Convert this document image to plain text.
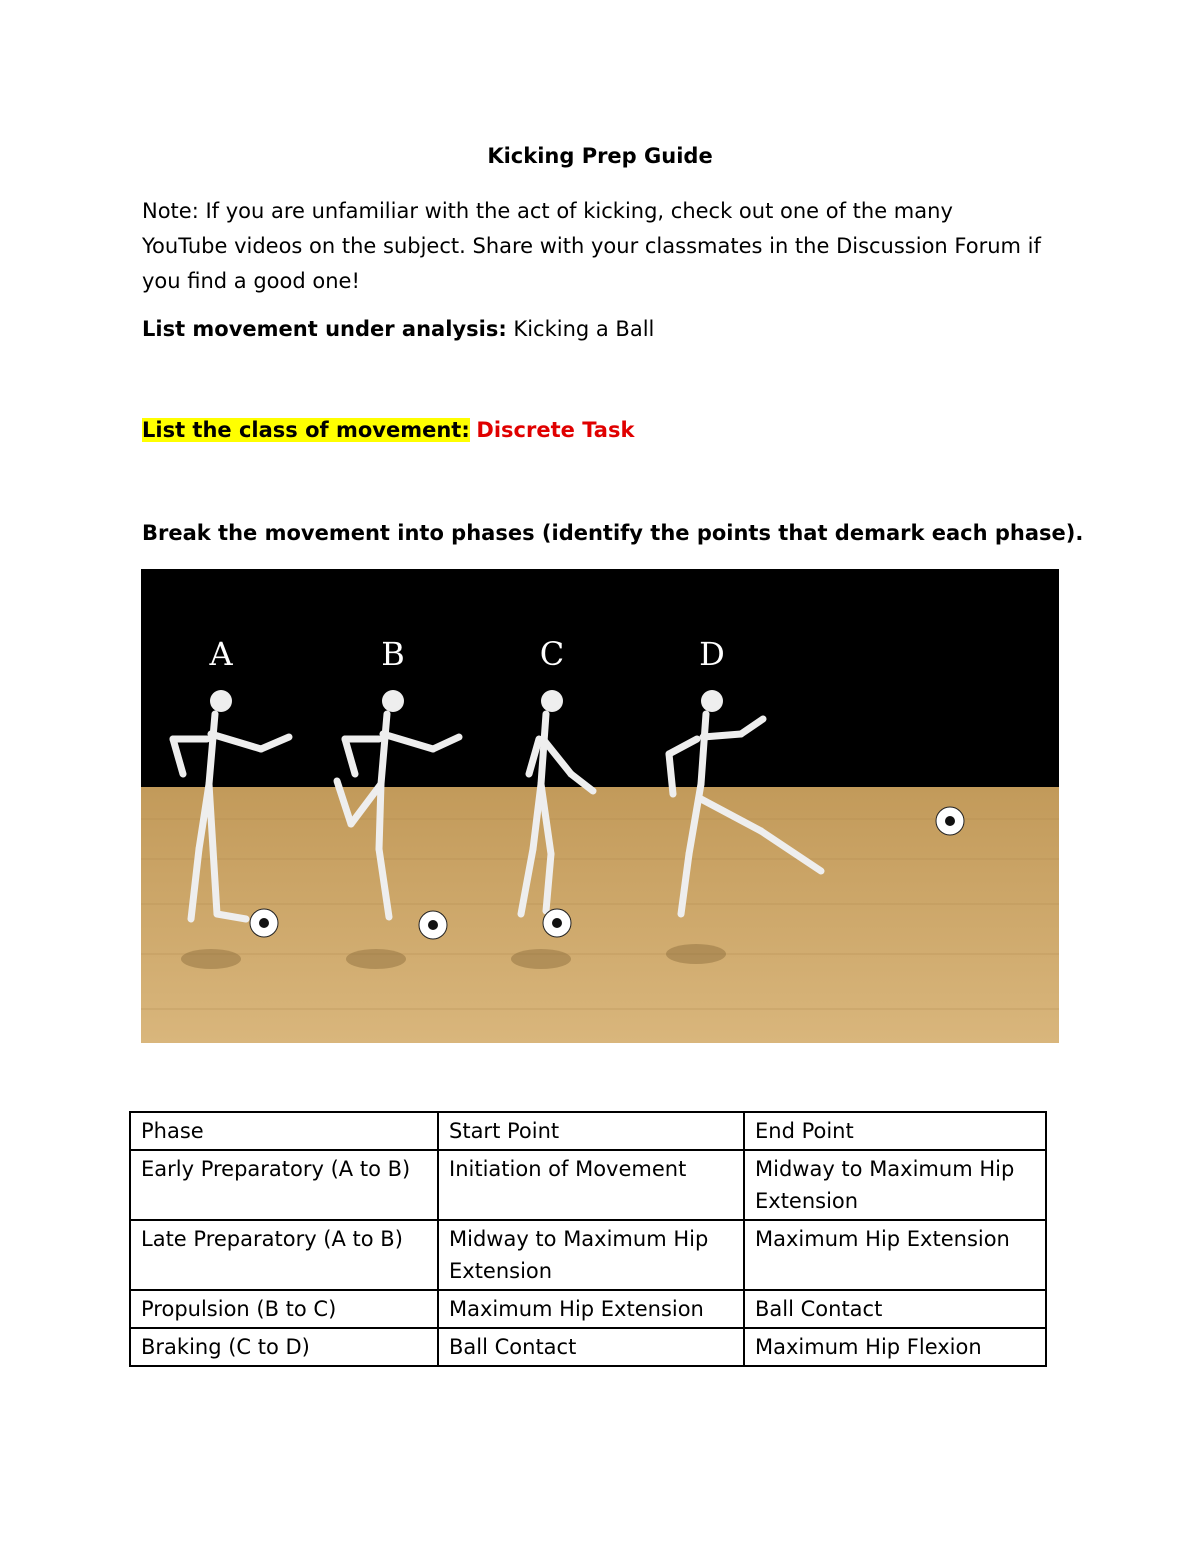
Kicking Prep Guide
Note: If you are unfamiliar with the act of kicking, check out one of the many YouTube videos on the subject. Share with your classmates in the Discussion Forum if you find a good one!
List movement under analysis: Kicking a Ball
List the class of movement: Discrete Task
Break the movement into phases (identify the points that demark each phase).
A	B	C	D
Phase	Start Point	End Point
Early Preparatory (A to B)	Initiation of Movement	Midway to Maximum Hip Extension
Late Preparatory (A to B)	Midway to Maximum Hip Extension	Maximum Hip Extension
Propulsion (B to C)	Maximum Hip Extension	Ball Contact
Braking (C to D)	Ball Contact	Maximum Hip Flexion
